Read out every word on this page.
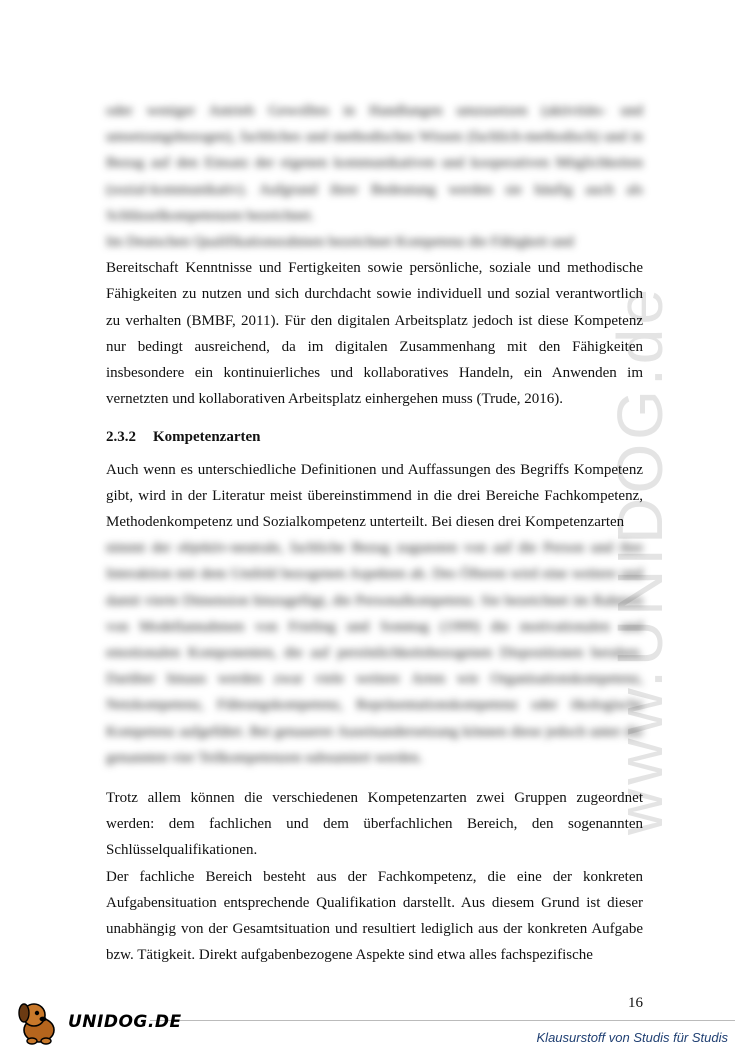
www.UNIDOG.de

oder weniger Antrieb Gewolltes in Handlungen umzusetzen (aktivitäts- und umsetzungsbezogen), fachliches und methodisches Wissen (fachlich-methodisch) und in Bezug auf den Einsatz der eigenen kommunikativen und kooperativen Möglichkeiten (sozial-kommunikativ). Aufgrund ihrer Bedeutung werden sie häufig auch als Schlüsselkompetenzen bezeichnet.

Im Deutschen Qualifikationsrahmen bezeichnet Kompetenz die Fähigkeit und
Bereitschaft Kenntnisse und Fertigkeiten sowie persönliche, soziale und methodische Fähigkeiten zu nutzen und sich durchdacht sowie individuell und sozial verantwortlich zu verhalten (BMBF, 2011). Für den digitalen Arbeitsplatz jedoch ist diese Kompetenz nur bedingt ausreichend, da im digitalen Zusammenhang mit den Fähigkeiten insbesondere ein kontinuierliches und kollaboratives Handeln, ein Anwenden im vernetzten und kollaborativen Arbeitsplatz einhergehen muss (Trude, 2016).

2.3.2 Kompetenzarten

Auch wenn es unterschiedliche Definitionen und Auffassungen des Begriffs Kompetenz gibt, wird in der Literatur meist übereinstimmend in die drei Bereiche Fachkompetenz, Methodenkompetenz und Sozialkompetenz unterteilt. Bei diesen drei Kompetenzarten

nimmt der objektiv-neutrale, fachliche Bezug zugunsten von auf die Person und ihre Interaktion mit dem Umfeld bezogenen Aspekten ab. Des Öfteren wird eine weitere und damit vierte Dimension hinzugefügt, die Personalkompetenz. Sie bezeichnet im Rahmen von Modellannahmen von Frieling und Sonntag (1999) die motivationalen und emotionalen Komponenten, die auf persönlichkeitsbezogenen Dispositionen beruhen. Darüber hinaus werden zwar viele weitere Arten wie Organisationskompetenz, Netzkompetenz, Führungskompetenz, Repräsentationskompetenz oder ökologische Kompetenz aufgeführt. Bei genauerer Auseinandersetzung können diese jedoch unter die genannten vier Teilkompetenzen subsumiert werden.

Trotz allem können die verschiedenen Kompetenzarten zwei Gruppen zugeordnet werden: dem fachlichen und dem überfachlichen Bereich, den sogenannten Schlüsselqualifikationen.

Der fachliche Bereich besteht aus der Fachkompetenz, die eine der konkreten Aufgabensituation entsprechende Qualifikation darstellt. Aus diesem Grund ist dieser unabhängig von der Gesamtsituation und resultiert lediglich aus der konkreten Aufgabe bzw. Tätigkeit. Direkt aufgabenbezogene Aspekte sind etwa alles fachspezifische

16
UNIDOG.DE
Klausurstoff von Studis für Studis
